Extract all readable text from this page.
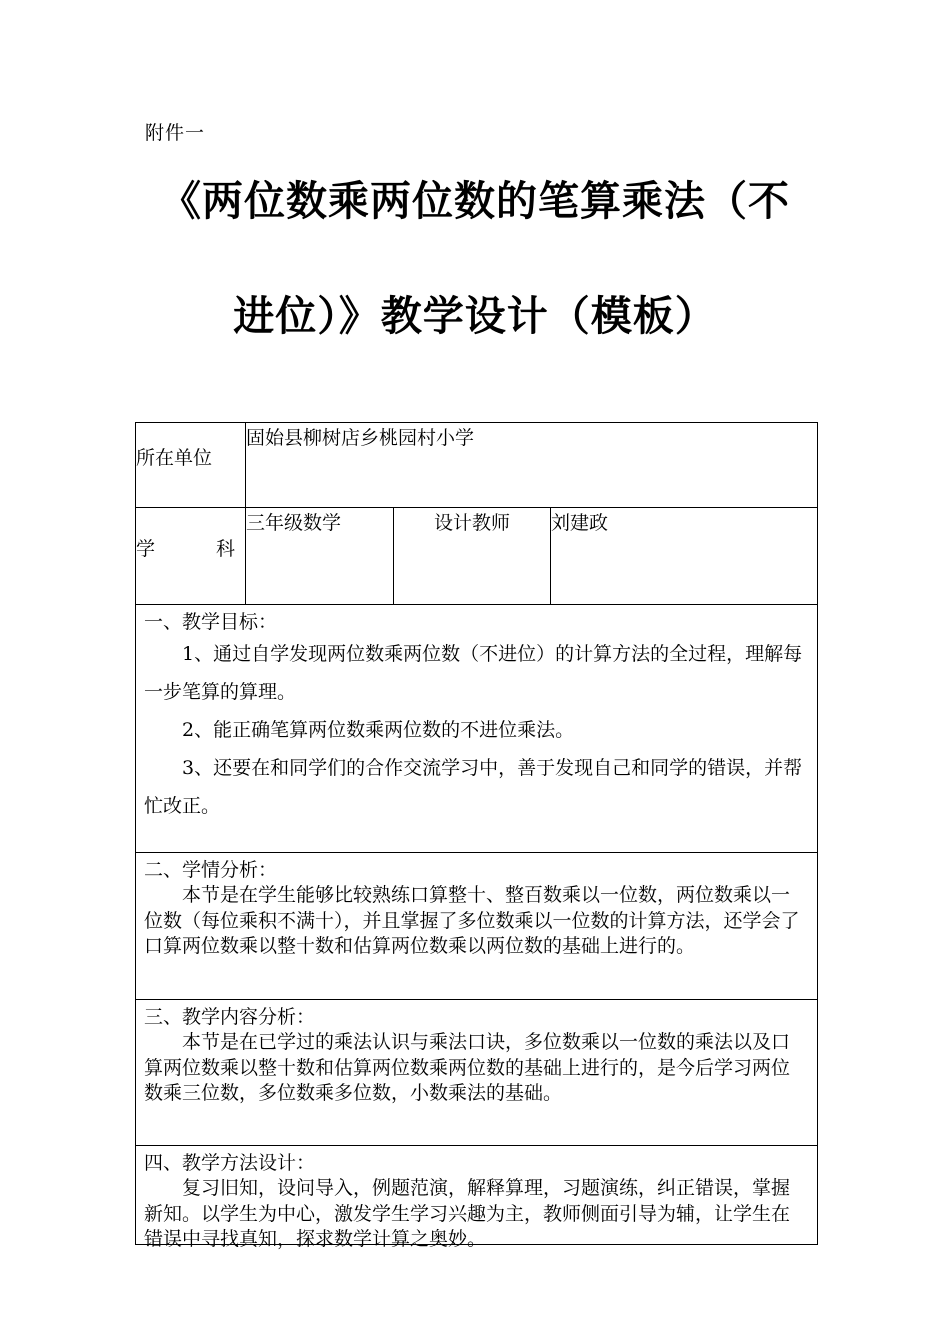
附件一
《两位数乘两位数的笔算乘法（不
进位）》教学设计（模板）
所在单位	固始县柳树店乡桃园村小学		

学 科	三年级数学	设计教师	刘建政

一、教学目标：

1、通过自学发现两位数乘两位数（不进位）的计算方法的全过程，理解每一步笔算的算理。

2、能正确笔算两位数乘两位数的不进位乘法。

3、还要在和同学们的合作交流学习中，善于发现自己和同学的错误，并帮忙改正。			

二、学情分析：

本节是在学生能够比较熟练口算整十、整百数乘以一位数，两位数乘以一位数（每位乘积不满十），并且掌握了多位数乘以一位数的计算方法，还学会了口算两位数乘以整十数和估算两位数乘以两位数的基础上进行的。			

三、教学内容分析：

本节是在已学过的乘法认识与乘法口诀，多位数乘以一位数的乘法以及口算两位数乘以整十数和估算两位数乘两位数的基础上进行的，是今后学习两位数乘三位数，多位数乘多位数，小数乘法的基础。			

四、教学方法设计：

复习旧知，设问导入，例题范演，解释算理，习题演练，纠正错误，掌握新知。以学生为中心，激发学生学习兴趣为主，教师侧面引导为辅，让学生在错误中寻找真知，探求数学计算之奥妙。			
